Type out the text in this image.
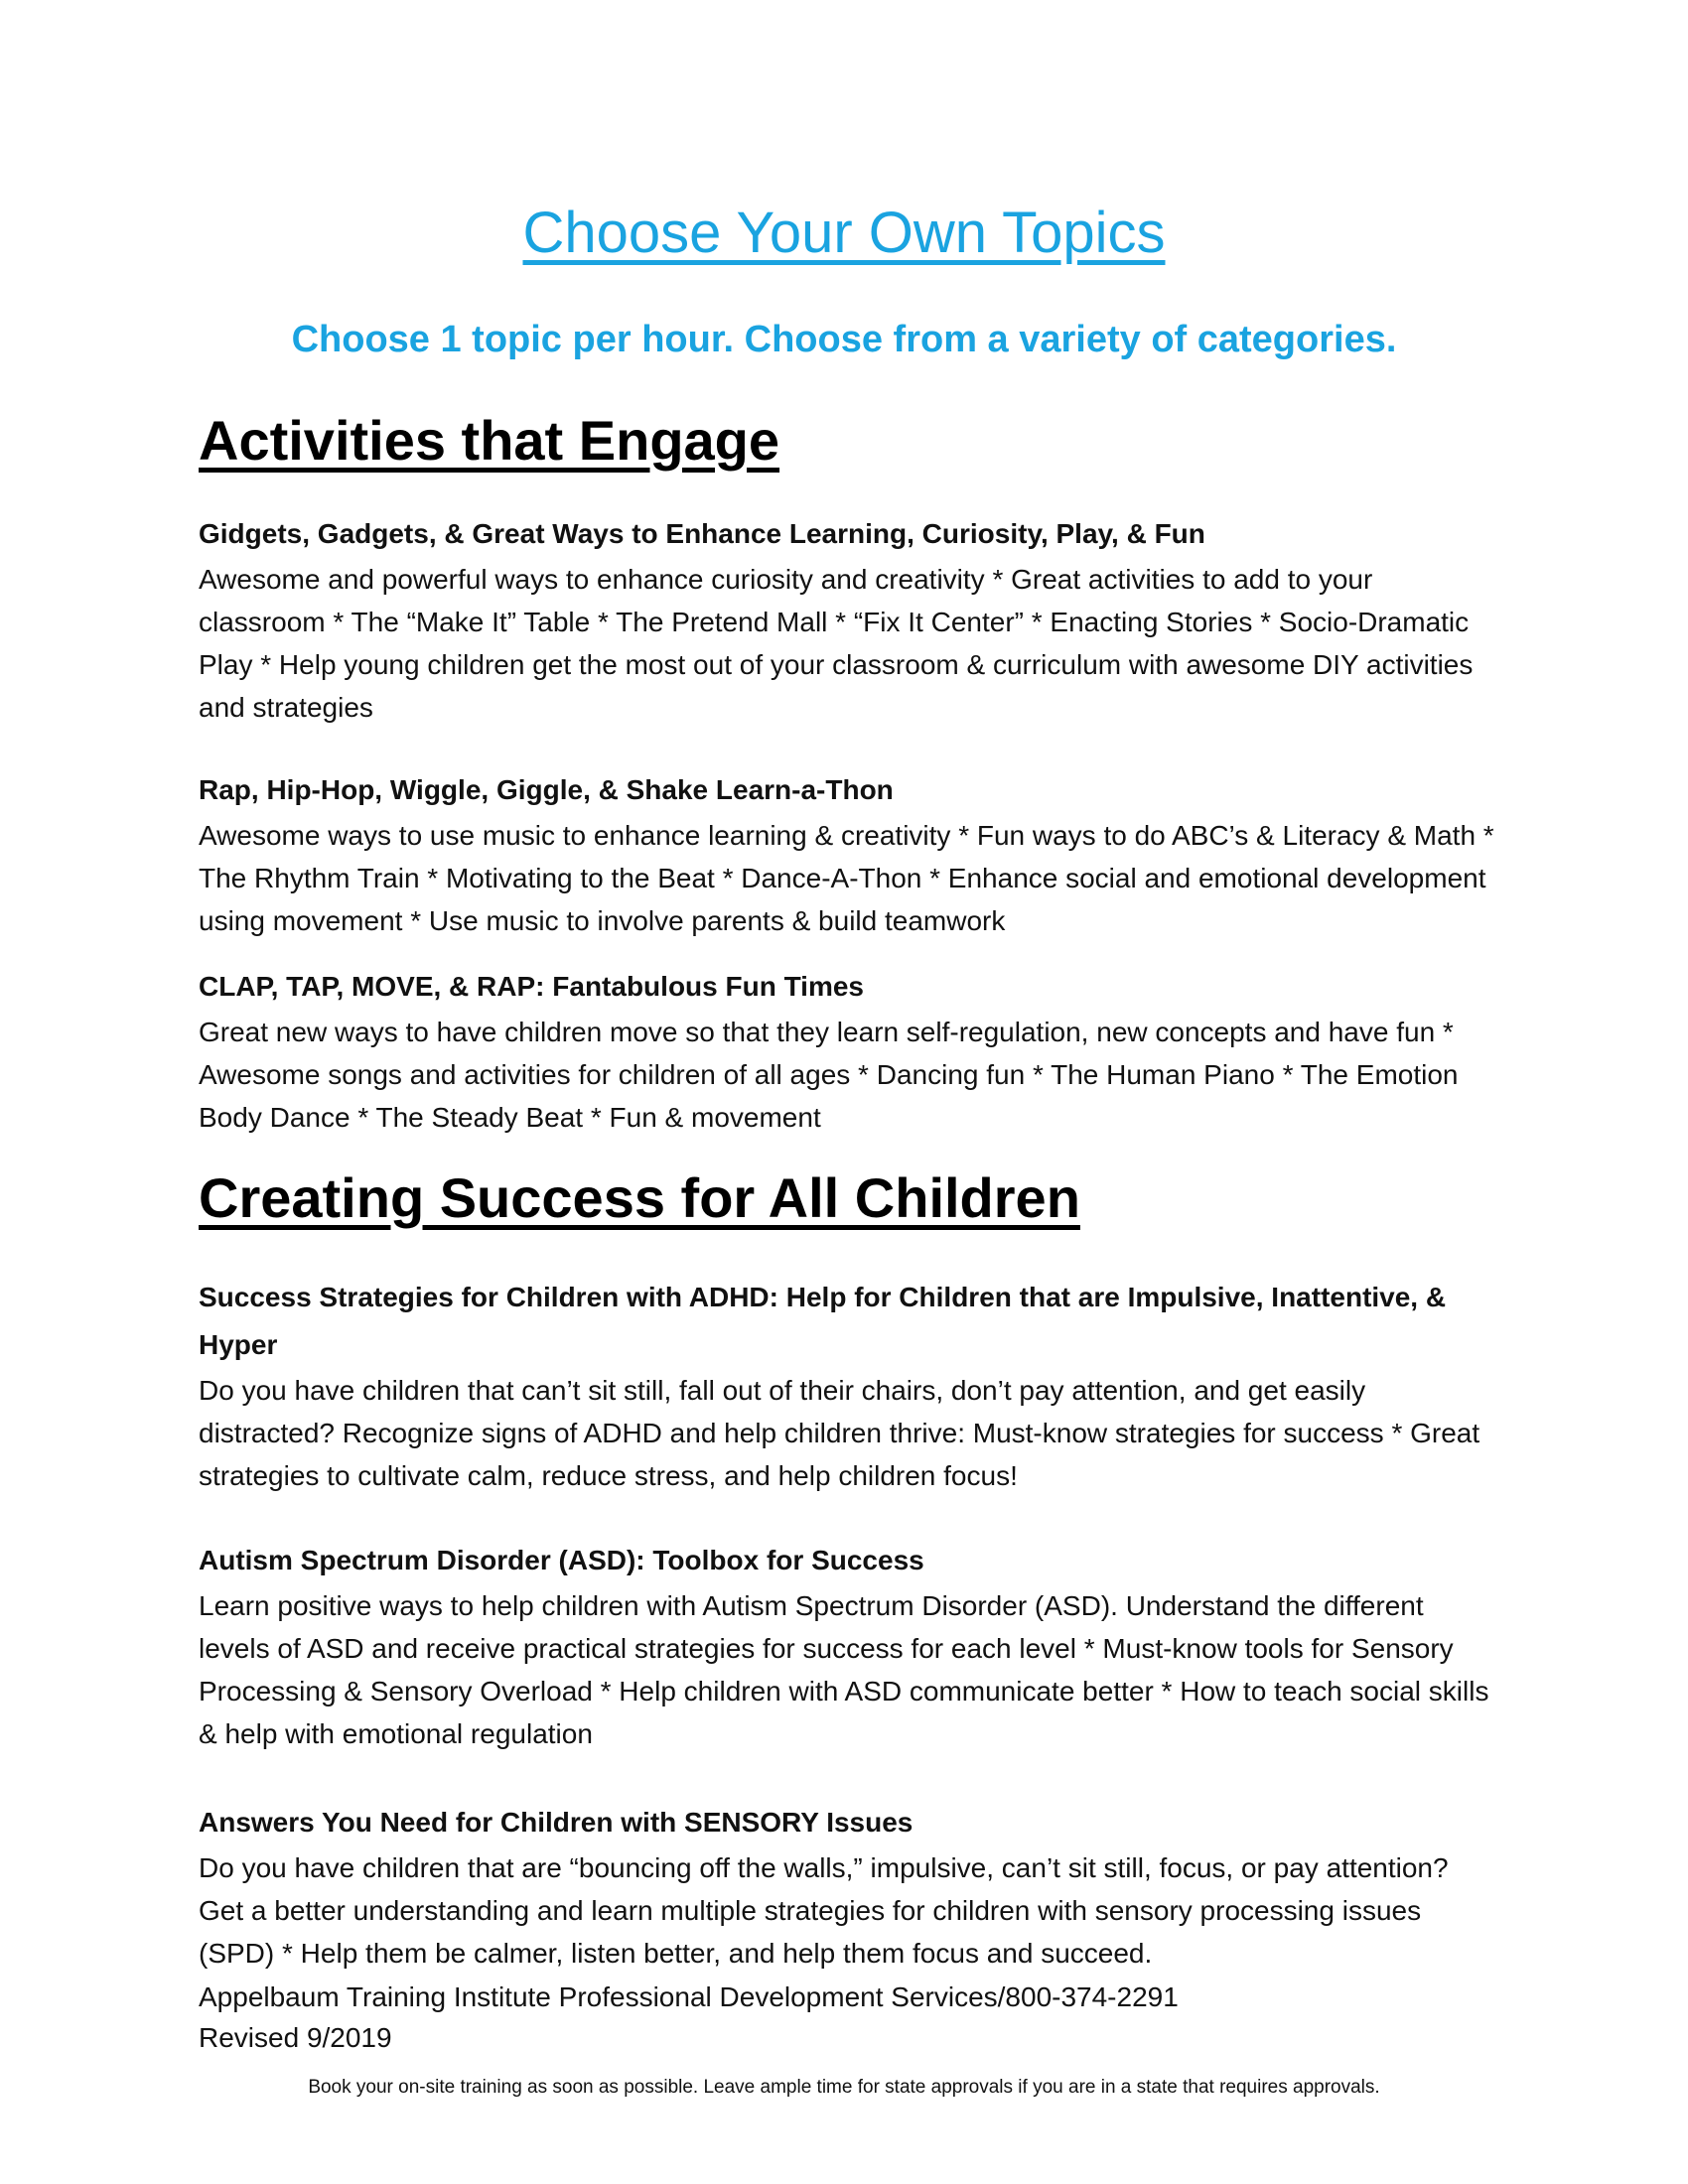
Choose Your Own Topics
Choose 1 topic per hour. Choose from a variety of categories.
Activities that Engage
Gidgets, Gadgets, & Great Ways to Enhance Learning, Curiosity, Play, & Fun
Awesome and powerful ways to enhance curiosity and creativity * Great activities to add to your classroom * The “Make It” Table * The Pretend Mall * “Fix It Center” * Enacting Stories * Socio-Dramatic Play * Help young children get the most out of your classroom & curriculum with awesome DIY activities and strategies
Rap, Hip-Hop, Wiggle, Giggle, & Shake Learn-a-Thon
Awesome ways to use music to enhance learning & creativity * Fun ways to do ABC’s & Literacy & Math * The Rhythm Train * Motivating to the Beat * Dance-A-Thon * Enhance social and emotional development using movement * Use music to involve parents & build teamwork
CLAP, TAP, MOVE, & RAP: Fantabulous Fun Times
Great new ways to have children move so that they learn self-regulation, new concepts and have fun * Awesome songs and activities for children of all ages * Dancing fun * The Human Piano * The Emotion Body Dance * The Steady Beat * Fun & movement
Creating Success for All Children
Success Strategies for Children with ADHD: Help for Children that are Impulsive, Inattentive, & Hyper
Do you have children that can’t sit still, fall out of their chairs, don’t pay attention, and get easily distracted? Recognize signs of ADHD and help children thrive: Must-know strategies for success * Great strategies to cultivate calm, reduce stress, and help children focus!
Autism Spectrum Disorder (ASD): Toolbox for Success
Learn positive ways to help children with Autism Spectrum Disorder (ASD). Understand the different levels of ASD and receive practical strategies for success for each level * Must-know tools for Sensory Processing & Sensory Overload * Help children with ASD communicate better * How to teach social skills & help with emotional regulation
Answers You Need for Children with SENSORY Issues
Do you have children that are “bouncing off the walls,” impulsive, can’t sit still, focus, or pay attention? Get a better understanding and learn multiple strategies for children with sensory processing issues (SPD) * Help them be calmer, listen better, and help them focus and succeed.
Appelbaum Training Institute Professional Development Services/800-374-2291
Revised 9/2019
Book your on-site training as soon as possible. Leave ample time for state approvals if you are in a state that requires approvals.
